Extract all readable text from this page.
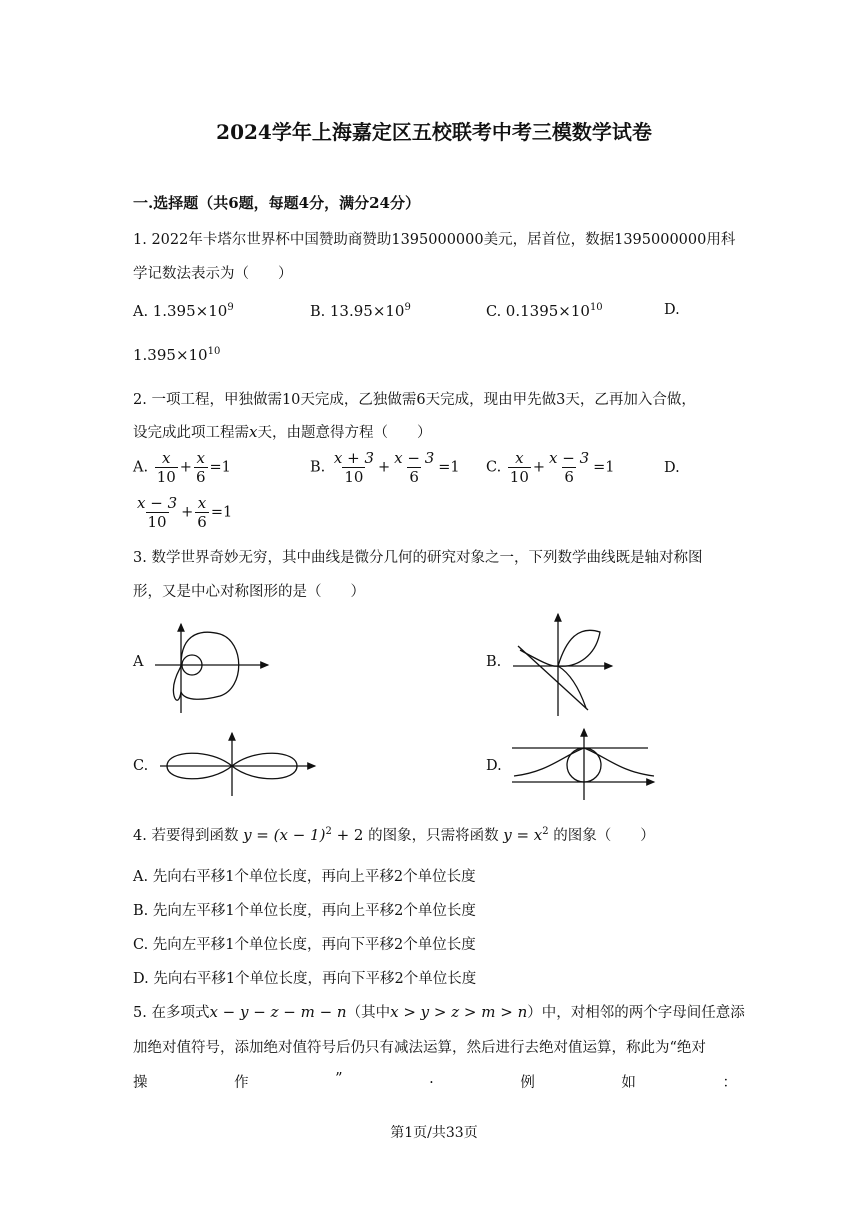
2024学年上海嘉定区五校联考中考三模数学试卷
一.选择题（共6题，每题4分，满分24分）
1. 2022年卡塔尔世界杯中国赞助商赞助1395000000美元，居首位，数据1395000000用科
学记数法表示为（　　）
A. $1.395\times 10^9$	B. $13.95\times 10^9$	C. $0.1395\times 10^{10}$	D.
$1.395\times 10^{10}$
2. 一项工程，甲独做需10天完成，乙独做需6天完成，现由甲先做3天，乙再加入合做，
设完成此项工程需x天，由题意得方程（　　）
A. $\frac{x}{10} + \frac{x}{6} =1$	B. $\frac{x + 3}{10} + \frac{x - 3}{6} =1$ C. $\frac{x}{10} + \frac{x - 3}{6} =1$	D.
$\frac{x - 3}{10} + \frac{x}{6} =1$
3. 数学世界奇妙无穷，其中曲线是微分几何的研究对象之一，下列数学曲线既是轴对称图
形，又是中心对称图形的是（　　）
A	B.
C.	D.
4. 若要得到函数 $y = (x - 1)^2 + 2$ 的图象，只需将函数 $y = x^2$ 的图象（　　）
A. 先向右平移1个单位长度，再向上平移2个单位长度
B. 先向左平移1个单位长度，再向上平移2个单位长度
C. 先向左平移1个单位长度，再向下平移2个单位长度
D. 先向右平移1个单位长度，再向下平移2个单位长度
5. 在多项式x − y − z − m − n（其中x > y > z > m > n）中，对相邻的两个字母间任意添
加绝对值符号，添加绝对值符号后仍只有减法运算，然后进行去绝对值运算，称此为“绝对
操	作	”	.	例	如	：
第1页/共33页
